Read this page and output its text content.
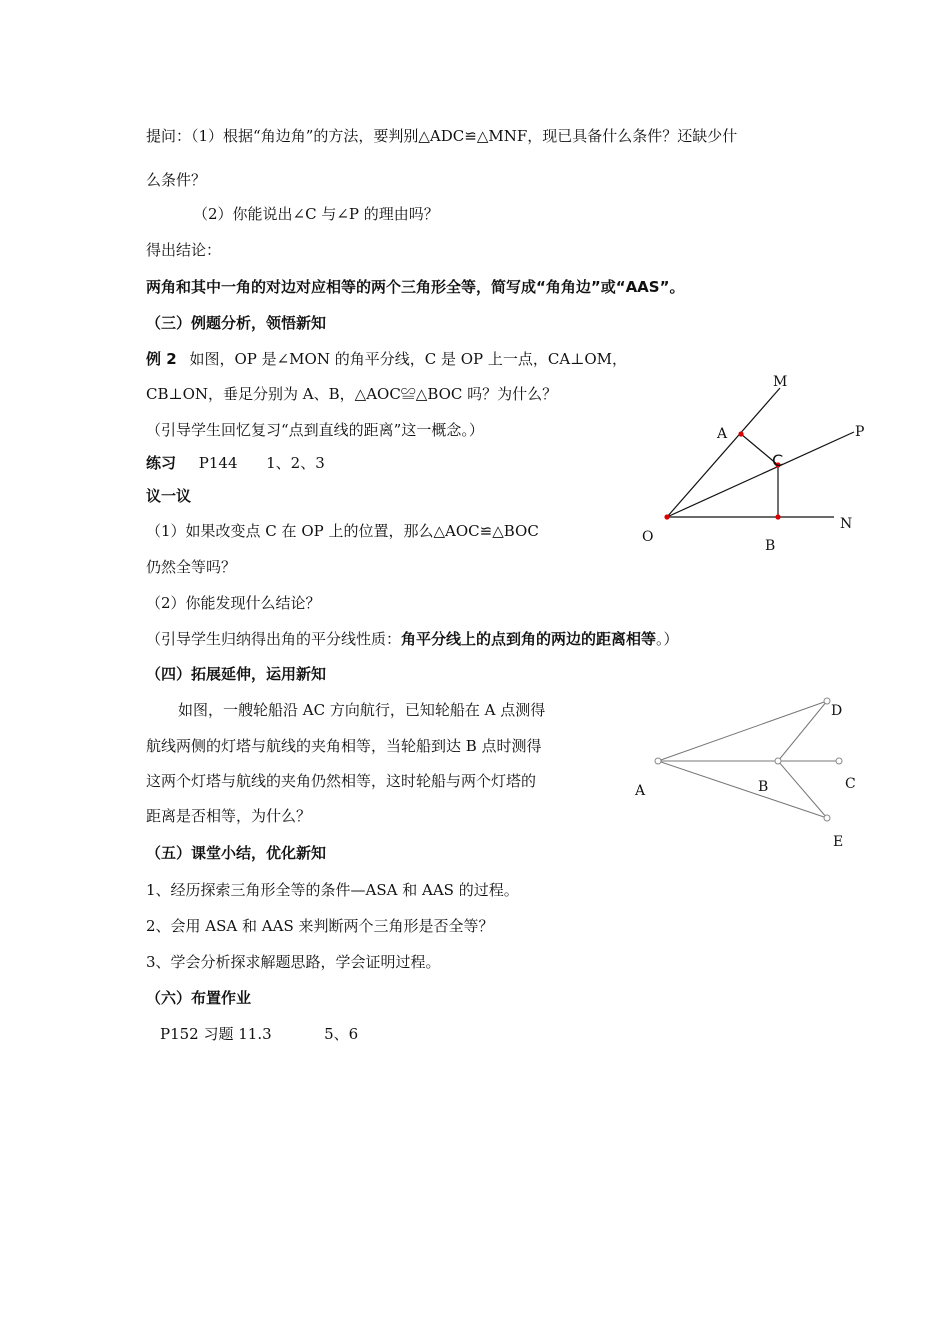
提问：（1）根据“角边角”的方法，要判别△ADC≌△MNF，现已具备什么条件？还缺少什
么条件？
（2）你能说出∠C 与∠P 的理由吗？
得出结论：
两角和其中一角的对边对应相等的两个三角形全等，简写成“角角边”或“AAS”。
（三）例题分析，领悟新知
例 2 如图，OP 是∠MON 的角平分线，C 是 OP 上一点，CA⊥OM，
CB⊥ON，垂足分别为 A、B，△AOC≌△BOC 吗？为什么？
（引导学生回忆复习“点到直线的距离”这一概念。）
练习 P144      1、2、3
议一议
（1）如果改变点 C 在 OP 上的位置，那么△AOC≌△BOC
仍然全等吗？
（2）你能发现什么结论？
（引导学生归纳得出角的平分线性质：角平分线上的点到角的两边的距离相等。）
（四）拓展延伸，运用新知
如图，一艘轮船沿 AC 方向航行，已知轮船在 A 点测得
航线两侧的灯塔与航线的夹角相等，当轮船到达 B 点时测得
这两个灯塔与航线的夹角仍然相等，这时轮船与两个灯塔的
距离是否相等，为什么？
（五）课堂小结，优化新知
1、经历探索三角形全等的条件—ASA 和 AAS 的过程。
2、会用 ASA 和 AAS 来判断两个三角形是否全等？
3、学会分析探求解题思路，学会证明过程。
（六）布置作业
P152 习题 11.3           5、6
M
A	P
C
O
N
B
D
A	B	C
E
